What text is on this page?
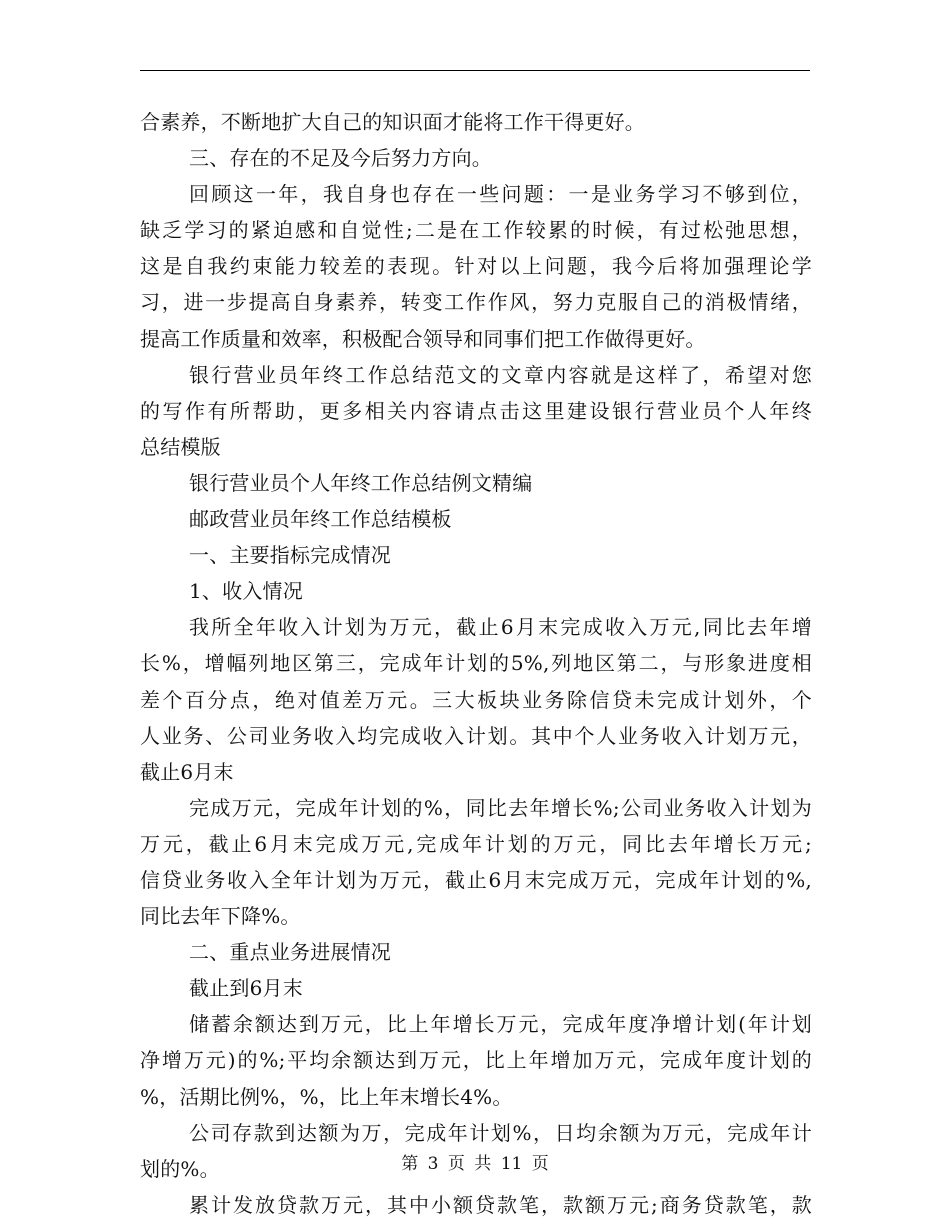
合素养，不断地扩大自己的知识面才能将工作干得更好。
三、存在的不足及今后努力方向。
回顾这一年，我自身也存在一些问题：一是业务学习不够到位，
缺乏学习的紧迫感和自觉性;二是在工作较累的时候，有过松弛思想，
这是自我约束能力较差的表现。针对以上问题，我今后将加强理论学
习，进一步提高自身素养，转变工作作风，努力克服自己的消极情绪，
提高工作质量和效率，积极配合领导和同事们把工作做得更好。
银行营业员年终工作总结范文的文章内容就是这样了，希望对您
的写作有所帮助，更多相关内容请点击这里建设银行营业员个人年终
总结模版
银行营业员个人年终工作总结例文精编
邮政营业员年终工作总结模板
一、主要指标完成情况
1、收入情况
我所全年收入计划为万元，截止6月末完成收入万元,同比去年增
长%，增幅列地区第三，完成年计划的5%,列地区第二，与形象进度相
差个百分点，绝对值差万元。三大板块业务除信贷未完成计划外，个
人业务、公司业务收入均完成收入计划。其中个人业务收入计划万元，
截止6月末
完成万元，完成年计划的%，同比去年增长%;公司业务收入计划为
万元，截止6月末完成万元,完成年计划的万元，同比去年增长万元;
信贷业务收入全年计划为万元，截止6月末完成万元，完成年计划的%,
同比去年下降%。
二、重点业务进展情况
截止到6月末
储蓄余额达到万元，比上年增长万元，完成年度净增计划(年计划
净增万元)的%;平均余额达到万元，比上年增加万元，完成年度计划的
%，活期比例%，%，比上年末增长4%。
公司存款到达额为万，完成年计划%，日均余额为万元，完成年计
划的%。
累计发放贷款万元，其中小额贷款笔，款额万元;商务贷款笔，款
第 3 页 共 11 页
